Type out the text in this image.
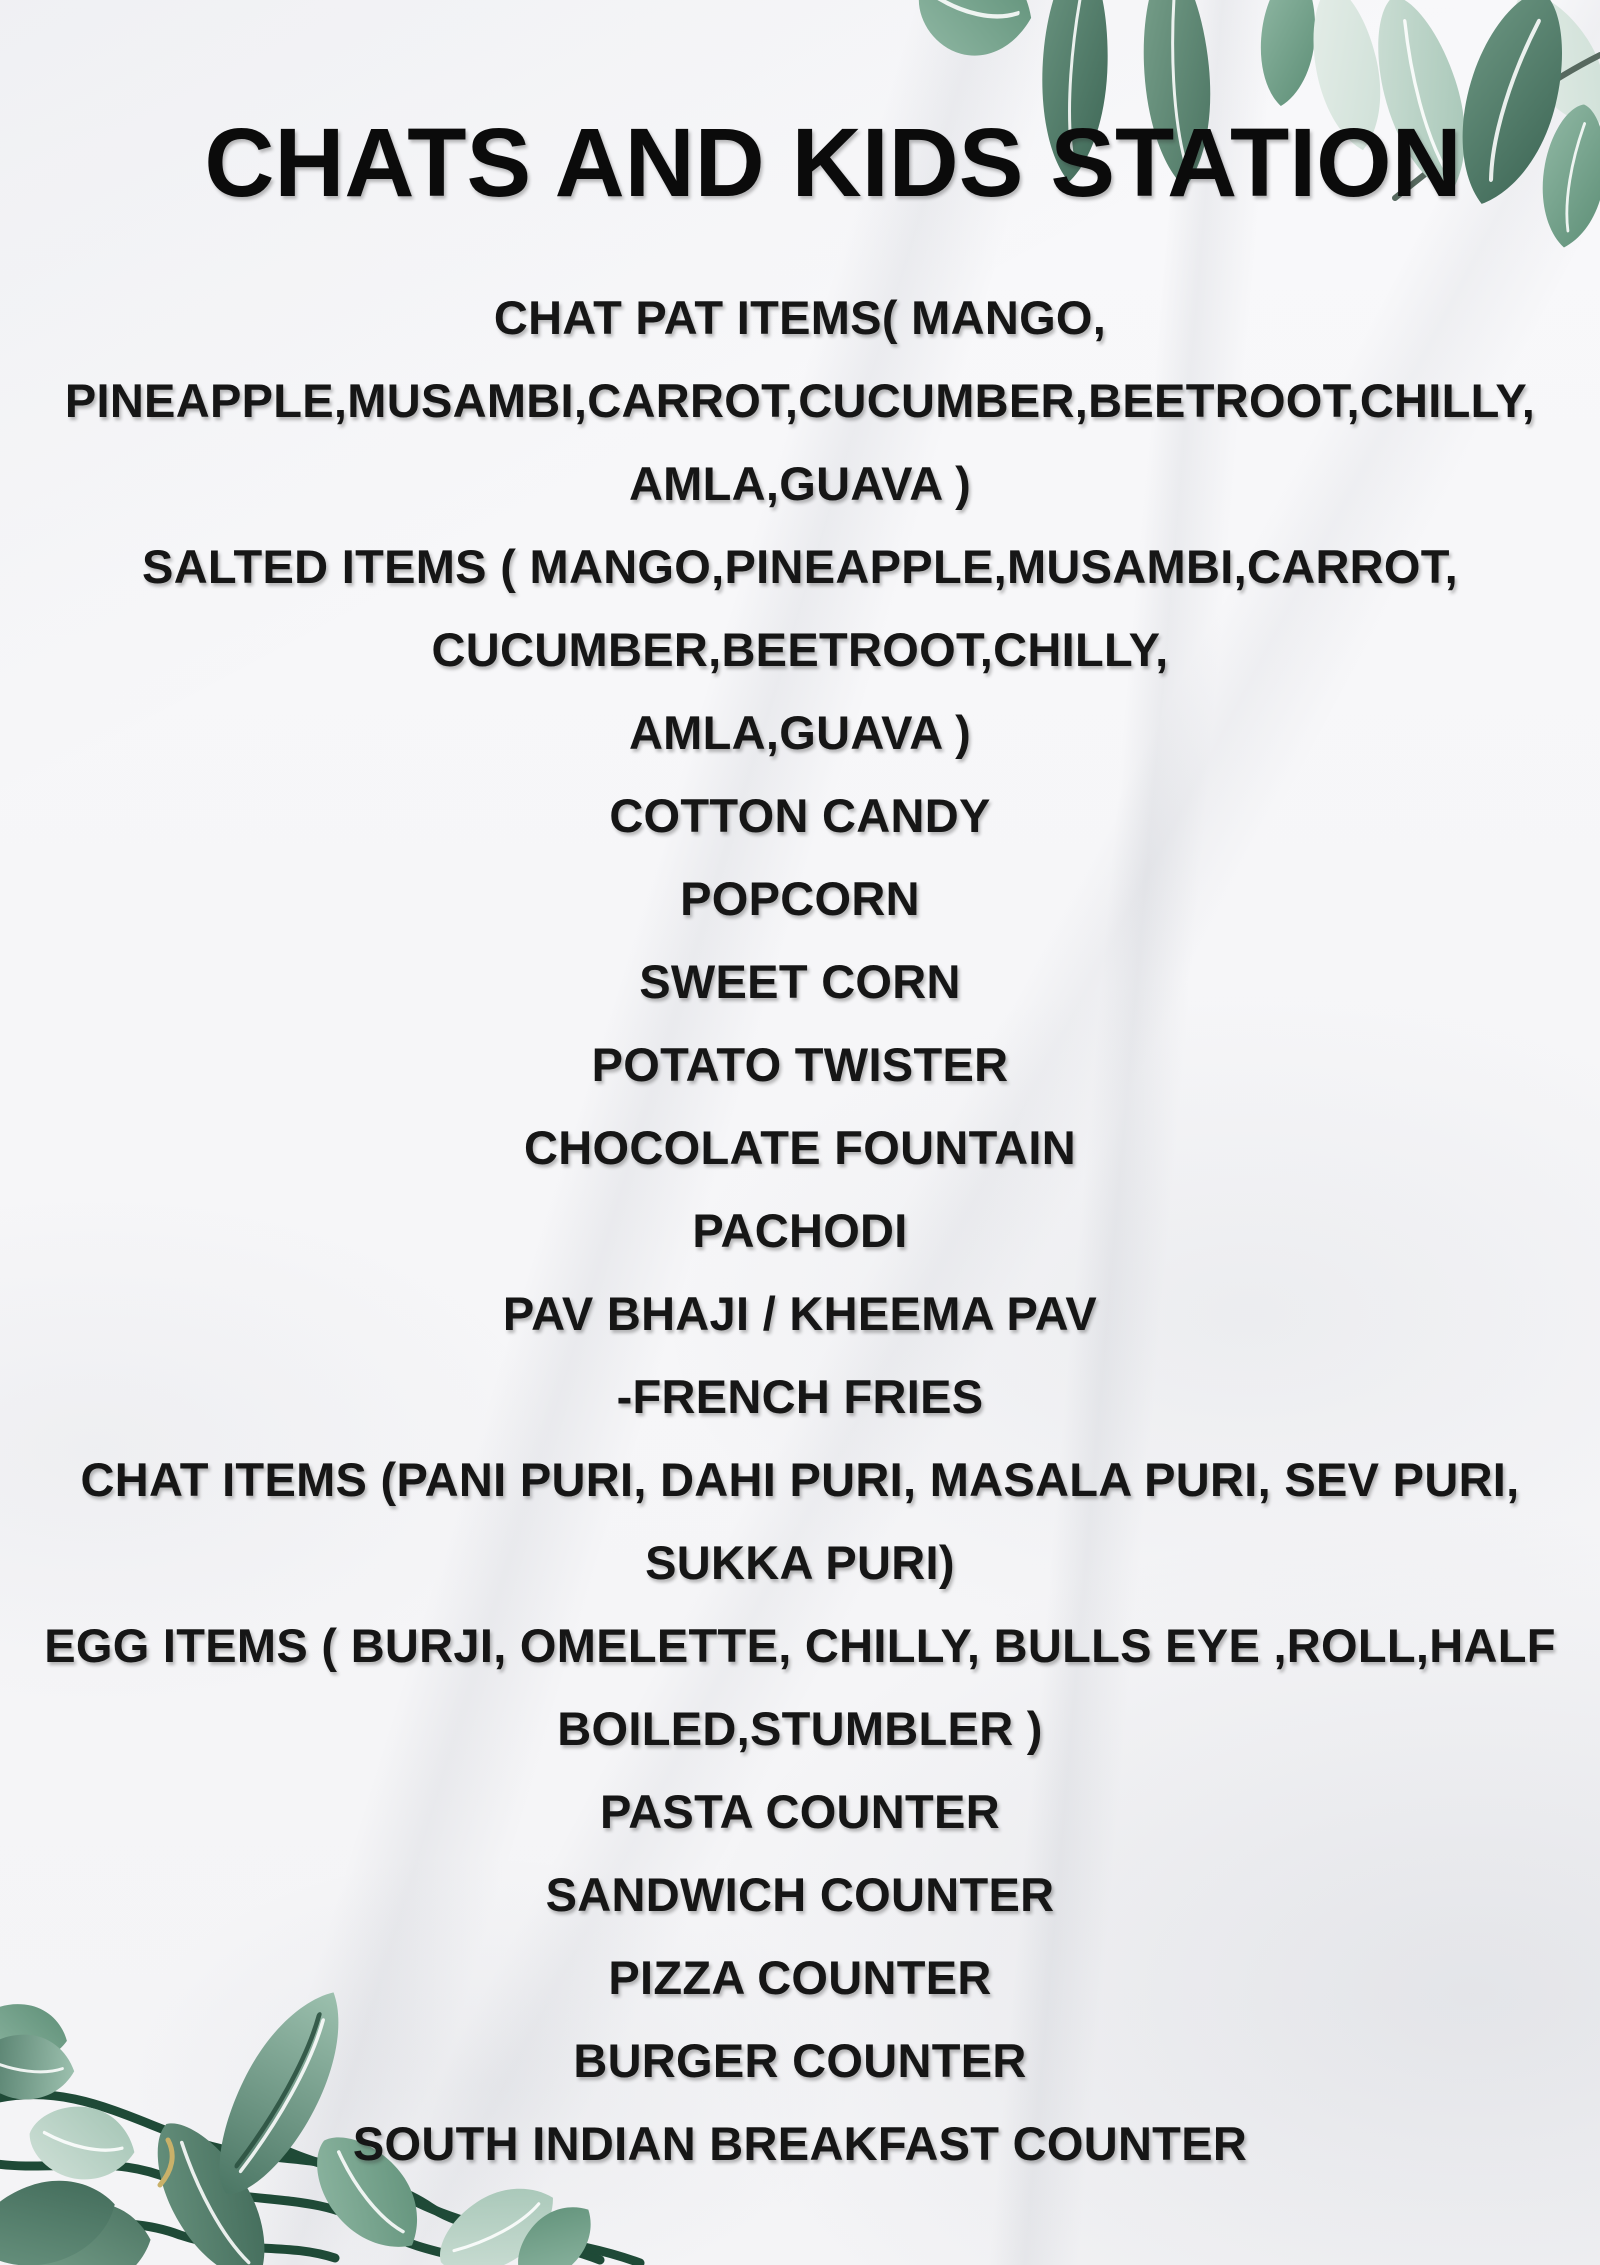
CHATS AND KIDS STATION
CHAT PAT ITEMS( MANGO,
PINEAPPLE,MUSAMBI,CARROT,CUCUMBER,BEETROOT,CHILLY,
AMLA,GUAVA )
SALTED ITEMS ( MANGO,PINEAPPLE,MUSAMBI,CARROT,
CUCUMBER,BEETROOT,CHILLY,
AMLA,GUAVA )
COTTON CANDY
POPCORN
SWEET CORN
POTATO TWISTER
CHOCOLATE FOUNTAIN
PACHODI
PAV BHAJI / KHEEMA PAV
-FRENCH FRIES
CHAT ITEMS (PANI PURI, DAHI PURI, MASALA PURI, SEV PURI,
SUKKA PURI)
EGG ITEMS ( BURJI, OMELETTE, CHILLY, BULLS EYE ,ROLL,HALF
BOILED,STUMBLER )
PASTA COUNTER
SANDWICH COUNTER
PIZZA COUNTER
BURGER COUNTER
SOUTH INDIAN BREAKFAST COUNTER
